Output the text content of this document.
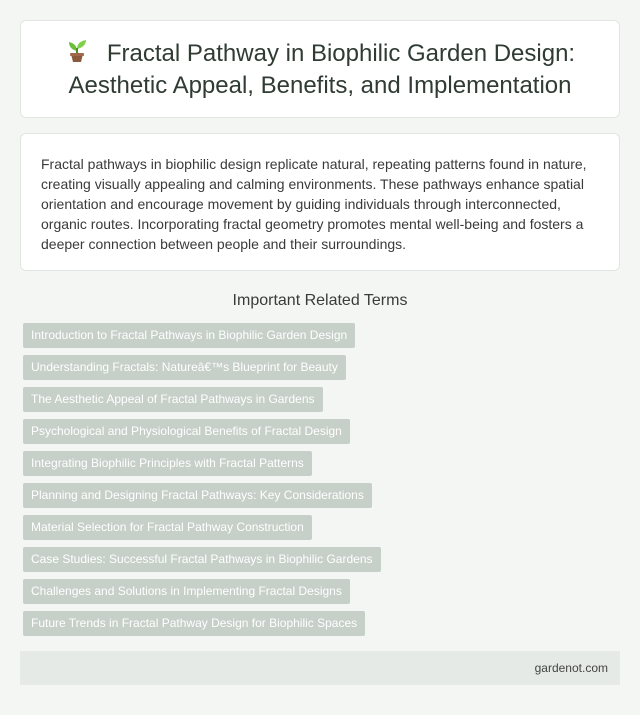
Fractal Pathway in Biophilic Garden Design: Aesthetic Appeal, Benefits, and Implementation

Fractal pathways in biophilic design replicate natural, repeating patterns found in nature, creating visually appealing and calming environments. These pathways enhance spatial orientation and encourage movement by guiding individuals through interconnected, organic routes. Incorporating fractal geometry promotes mental well-being and fosters a deeper connection between people and their surroundings.

Important Related Terms
Introduction to Fractal Pathways in Biophilic Garden Design
Understanding Fractals: Natureâ€™s Blueprint for Beauty
The Aesthetic Appeal of Fractal Pathways in Gardens
Psychological and Physiological Benefits of Fractal Design
Integrating Biophilic Principles with Fractal Patterns
Planning and Designing Fractal Pathways: Key Considerations
Material Selection for Fractal Pathway Construction
Case Studies: Successful Fractal Pathways in Biophilic Gardens
Challenges and Solutions in Implementing Fractal Designs
Future Trends in Fractal Pathway Design for Biophilic Spaces
gardenot.com
